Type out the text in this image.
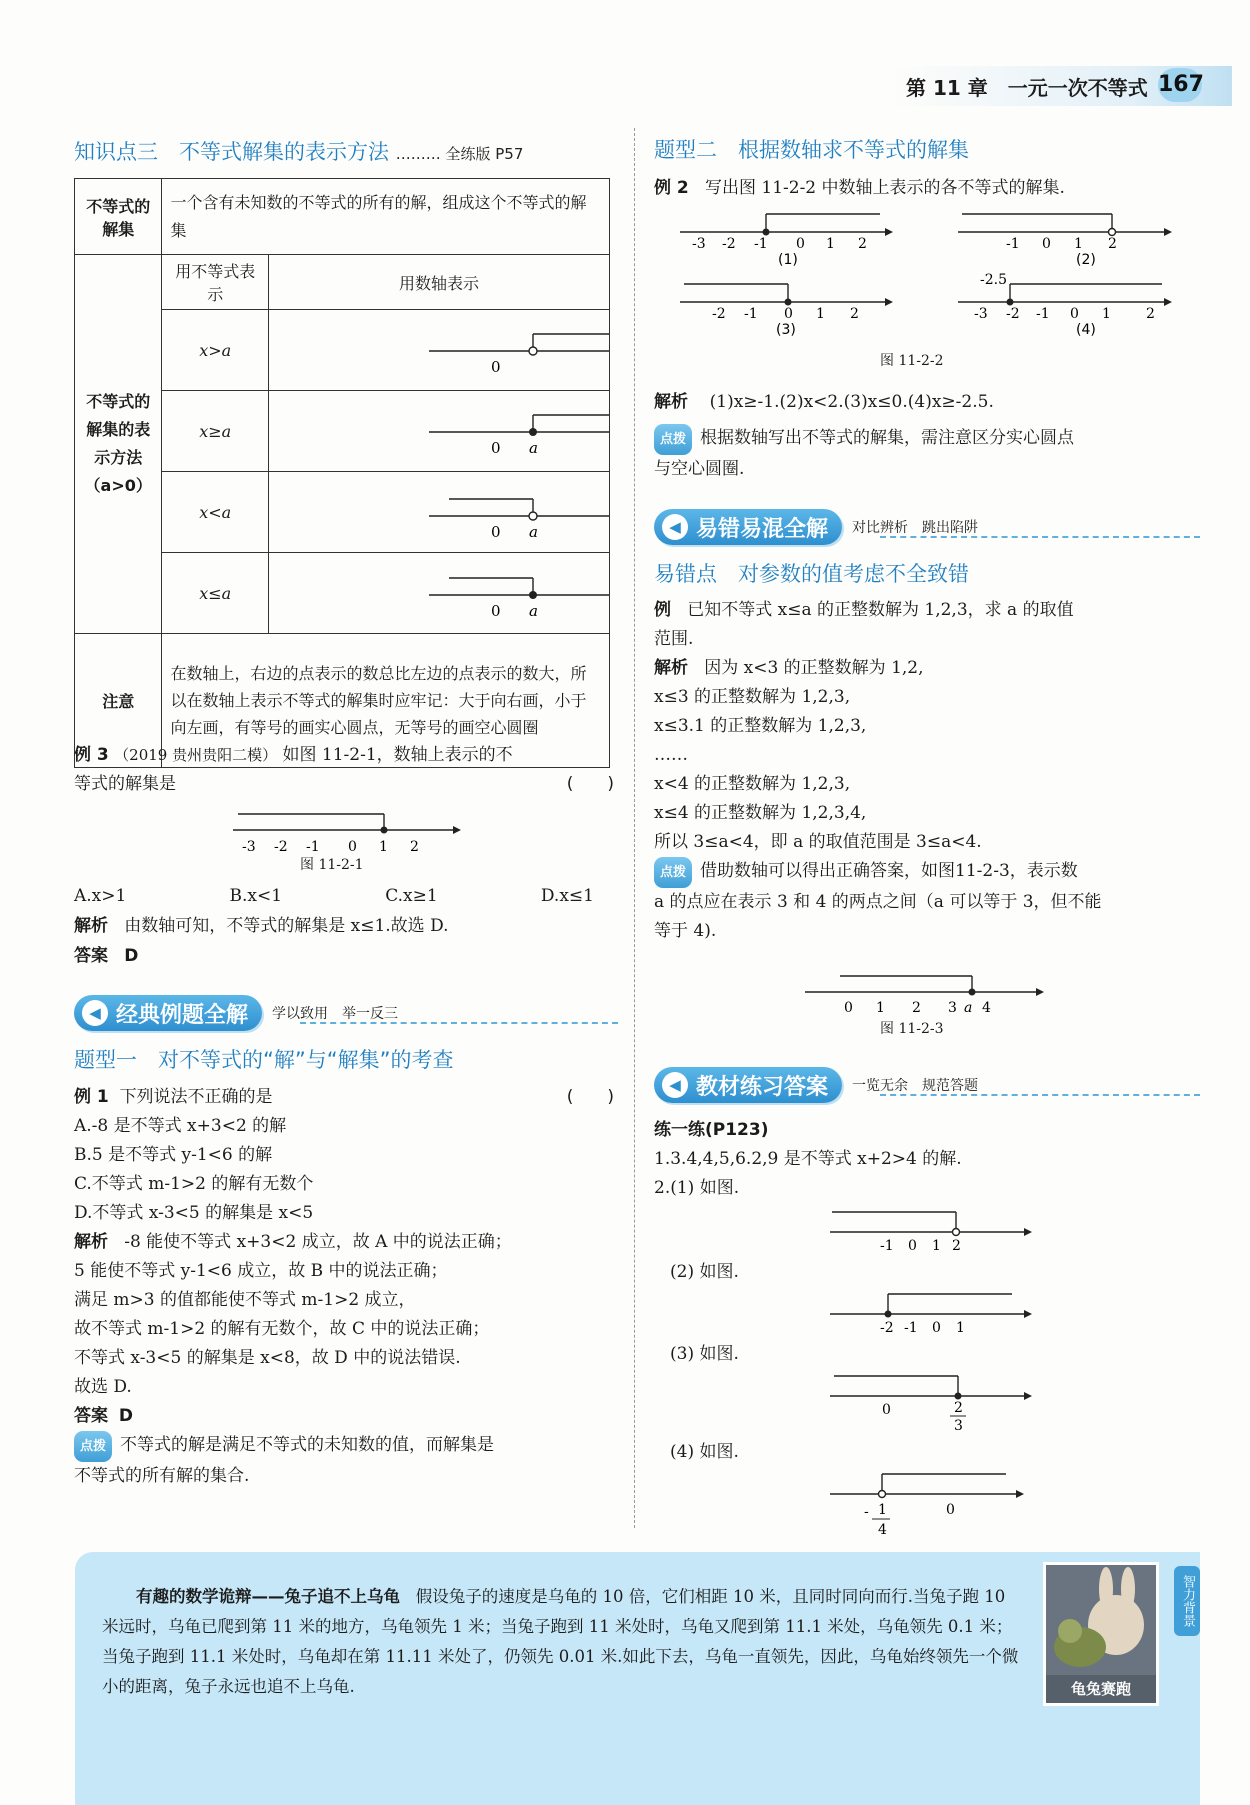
第 11 章　一元一次不等式 167
知识点三　不等式解集的表示方法 ……… 全练版 P57
不等式的解集	一个含有未知数的不等式的所有的解，组成这个不等式的解集	
不等式的解集的表示方法（a>0）	用不等式表示	用数轴表示
	x>a	0

	x≥a	0 a

	x<a	0 a

	x≤a	0 a

注意	在数轴上，右边的点表示的数总比左边的点表示的数大，所以在数轴上表示不等式的解集时应牢记：大于向右画，小于向左画，有等号的画实心圆点，无等号的画空心圆圈	
例 3 （2019 贵州贵阳二模） 如图 11-2-1，数轴上表示的不
等式的解集是	(　　)
-3 -2 -1 0 1 2
图 11-2-1
A.x>1	B.x<1	C.x≥1	D.x≤1
解析 由数轴可知，不等式的解集是 x≤1.故选 D.
答案 D
◀ 经典例题全解 学以致用　举一反三
题型一　对不等式的“解”与“解集”的考查
例 1 下列说法不正确的是	(　　)
A.-8 是不等式 x+3<2 的解
B.5 是不等式 y-1<6 的解
C.不等式 m-1>2 的解有无数个
D.不等式 x-3<5 的解集是 x<5
解析 -8 能使不等式 x+3<2 成立，故 A 中的说法正确；
5 能使不等式 y-1<6 成立，故 B 中的说法正确；
满足 m>3 的值都能使不等式 m-1>2 成立，
故不等式 m-1>2 的解有无数个，故 C 中的说法正确；
不等式 x-3<5 的解集是 x<8，故 D 中的说法错误.
故选 D.
答案 D
点拨 不等式的解是满足不等式的未知数的值，而解集是
不等式的所有解的集合.
题型二　根据数轴求不等式的解集
例 2 写出图 11-2-2 中数轴上表示的各不等式的解集.
-3 -2 -1 0 1 2
(1)
-1 0 1 2
(2)
-2 -1 0 1 2
(3)
-2.5
-3 -2 -1 0 1	2
(4)
图 11-2-2
解析 (1)x≥-1.(2)x<2.(3)x≤0.(4)x≥-2.5.
点拨 根据数轴写出不等式的解集，需注意区分实心圆点
与空心圆圈.
◀ 易错易混全解 对比辨析　跳出陷阱
易错点　对参数的值考虑不全致错
例 已知不等式 x≤a 的正整数解为 1,2,3，求 a 的取值
范围.
解析 因为 x<3 的正整数解为 1,2,
x≤3 的正整数解为 1,2,3,
x≤3.1 的正整数解为 1,2,3,
……
x<4 的正整数解为 1,2,3,
x≤4 的正整数解为 1,2,3,4,
所以 3≤a<4，即 a 的取值范围是 3≤a<4.
点拨 借助数轴可以得出正确答案，如图11-2-3，表示数
a 的点应在表示 3 和 4 的两点之间（a 可以等于 3，但不能
等于 4).
0 1 2 3 a 4
图 11-2-3
◀ 教材练习答案 一览无余　规范答题
练一练(P123)
1.3.4,4,5,6.2,9 是不等式 x+2>4 的解.
2.(1) 如图.
-1 0 1 2
(2) 如图.
-2 -1 0 1
(3) 如图.
0	2
3
(4) 如图.
- 1
4
0
有趣的数学诡辩——兔子追不上乌龟 假设兔子的速度是乌龟的 10 倍，它们相距 10 米，且同时同向而行.当兔子跑 10 米远时，乌龟已爬到第 11 米的地方，乌龟领先 1 米；当兔子跑到 11 米处时，乌龟又爬到第 11.1 米处，乌龟领先 0.1 米；当兔子跑到 11.1 米处时，乌龟却在第 11.11 米处了，仍领先 0.01 米.如此下去，乌龟一直领先，因此，乌龟始终领先一个微小的距离，兔子永远也追不上乌龟.	龟兔赛跑
智力背景
